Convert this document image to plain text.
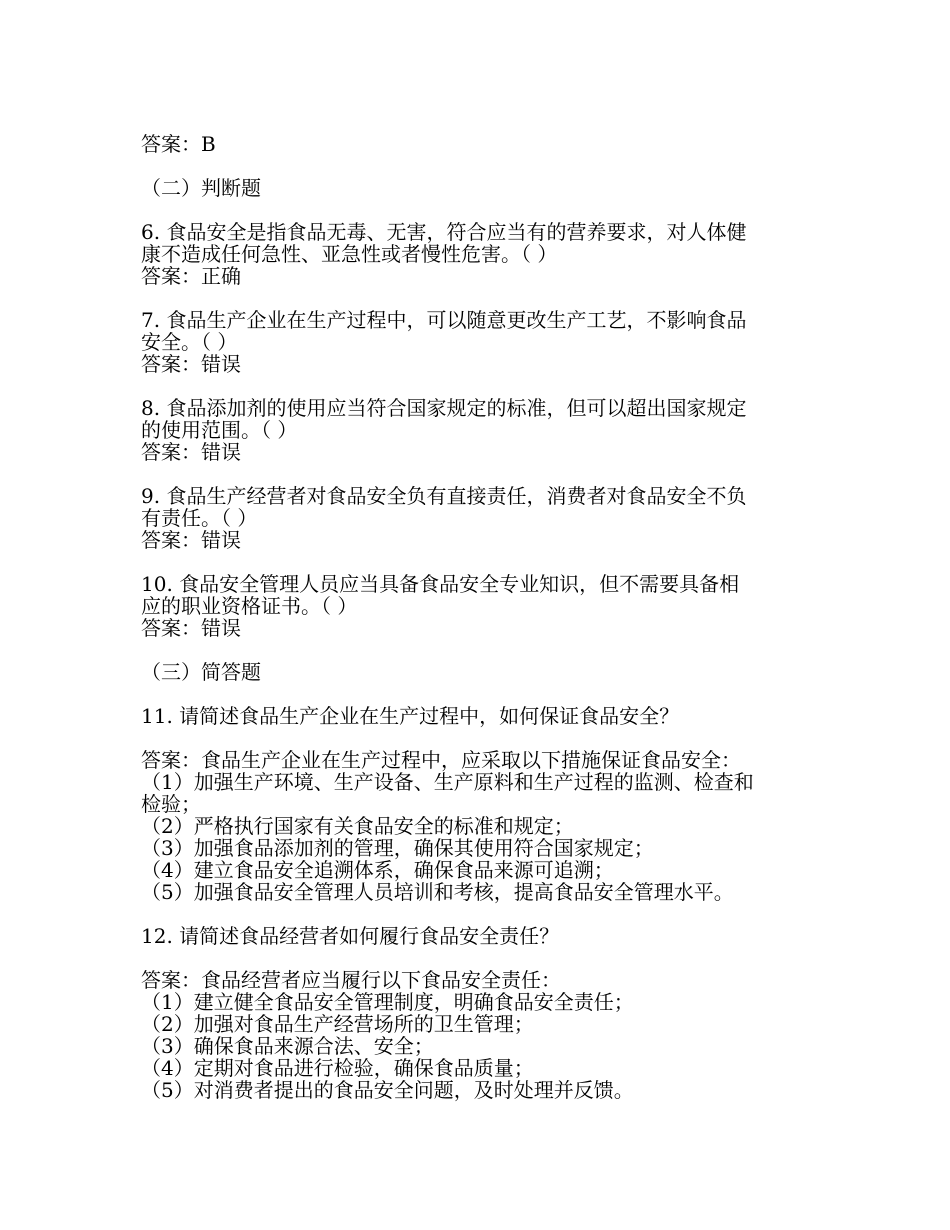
答案：B

（二）判断题

6. 食品安全是指食品无毒、无害，符合应当有的营养要求，对人体健

康不造成任何急性、亚急性或者慢性危害。（ ）

答案：正确

7. 食品生产企业在生产过程中，可以随意更改生产工艺，不影响食品

安全。（ ）

答案：错误

8. 食品添加剂的使用应当符合国家规定的标准，但可以超出国家规定

的使用范围。（ ）

答案：错误

9. 食品生产经营者对食品安全负有直接责任，消费者对食品安全不负

有责任。（ ）

答案：错误

10. 食品安全管理人员应当具备食品安全专业知识，但不需要具备相

应的职业资格证书。（ ）

答案：错误

（三）简答题

11. 请简述食品生产企业在生产过程中，如何保证食品安全？

答案：食品生产企业在生产过程中，应采取以下措施保证食品安全：

（1）加强生产环境、生产设备、生产原料和生产过程的监测、检查和

检验；

（2）严格执行国家有关食品安全的标准和规定；

（3）加强食品添加剂的管理，确保其使用符合国家规定；

（4）建立食品安全追溯体系，确保食品来源可追溯；

（5）加强食品安全管理人员培训和考核，提高食品安全管理水平。

12. 请简述食品经营者如何履行食品安全责任？

答案：食品经营者应当履行以下食品安全责任：

（1）建立健全食品安全管理制度，明确食品安全责任；

（2）加强对食品生产经营场所的卫生管理；

（3）确保食品来源合法、安全；

（4）定期对食品进行检验，确保食品质量；

（5）对消费者提出的食品安全问题，及时处理并反馈。
